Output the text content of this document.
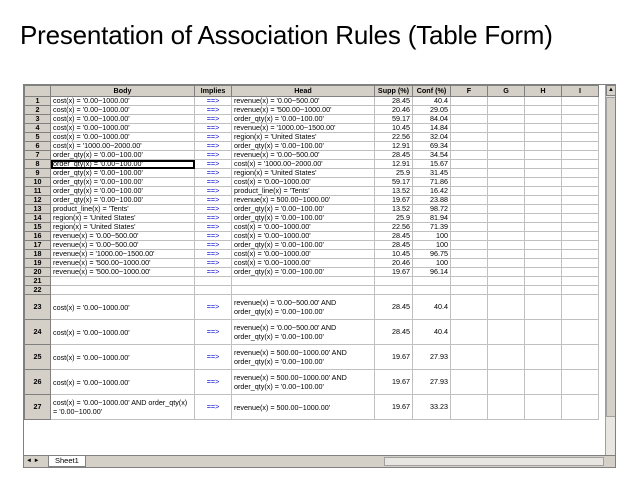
Presentation of Association Rules (Table Form)
	Body	Implies	Head	Supp (%)	Conf (%)	F	G	H	I
1	cost(x) = '0.00~1000.00'	==>	revenue(x) = '0.00~500.00'	28.45	40.4				
2	cost(x) = '0.00~1000.00'	==>	revenue(x) = '500.00~1000.00'	20.46	29.05				
3	cost(x) = '0.00~1000.00'	==>	order_qty(x) = '0.00~100.00'	59.17	84.04				
4	cost(x) = '0.00~1000.00'	==>	revenue(x) = '1000.00~1500.00'	10.45	14.84				
5	cost(x) = '0.00~1000.00'	==>	region(x) = 'United States'	22.56	32.04				
6	cost(x) = '1000.00~2000.00'	==>	order_qty(x) = '0.00~100.00'	12.91	69.34				
7	order_qty(x) = '0.00~100.00'	==>	revenue(x) = '0.00~500.00'	28.45	34.54				
8	order_qty(x) = '0.00~100.00'	==>	cost(x) = '1000.00~2000.00'	12.91	15.67				
9	order_qty(x) = '0.00~100.00'	==>	region(x) = 'United States'	25.9	31.45				
10	order_qty(x) = '0.00~100.00'	==>	cost(x) = '0.00~1000.00'	59.17	71.86				
11	order_qty(x) = '0.00~100.00'	==>	product_line(x) = 'Tents'	13.52	16.42				
12	order_qty(x) = '0.00~100.00'	==>	revenue(x) = 500.00~1000.00'	19.67	23.88				
13	product_line(x) = 'Tents'	==>	order_qty(x) = '0.00~100.00'	13.52	98.72				
14	region(x) = 'United States'	==>	order_qty(x) = '0.00~100.00'	25.9	81.94				
15	region(x) = 'United States'	==>	cost(x) = '0.00~1000.00'	22.56	71.39				
16	revenue(x) = '0.00~500.00'	==>	cost(x) = '0.00~1000.00'	28.45	100				
17	revenue(x) = '0.00~500.00'	==>	order_qty(x) = '0.00~100.00'	28.45	100				
18	revenue(x) = '1000.00~1500.00'	==>	cost(x) = '0.00~1000.00'	10.45	96.75				
19	revenue(x) = '500.00~1000.00'	==>	cost(x) = '0.00~1000.00'	20.46	100				
20	revenue(x) = '500.00~1000.00'	==>	order_qty(x) = '0.00~100.00'	19.67	96.14				
21									
22									
23	cost(x) = '0.00~1000.00'	==>	revenue(x) = '0.00~500.00' AND order_qty(x) = '0.00~100.00'	28.45	40.4				
24	cost(x) = '0.00~1000.00'	==>	revenue(x) = '0.00~500.00' AND order_qty(x) = '0.00~100.00'	28.45	40.4				
25	cost(x) = '0.00~1000.00'	==>	revenue(x) = 500.00~1000.00' AND order_qty(x) = '0.00~100.00'	19.67	27.93				
26	cost(x) = '0.00~1000.00'	==>	revenue(x) = 500.00~1000.00' AND order_qty(x) = '0.00~100.00'	19.67	27.93				
27	cost(x) = '0.00~1000.00' AND order_qty(x) = '0.00~100.00'	==>	revenue(x) = 500.00~1000.00'	19.67	33.23				
▲
◄ ►	Sheet1
